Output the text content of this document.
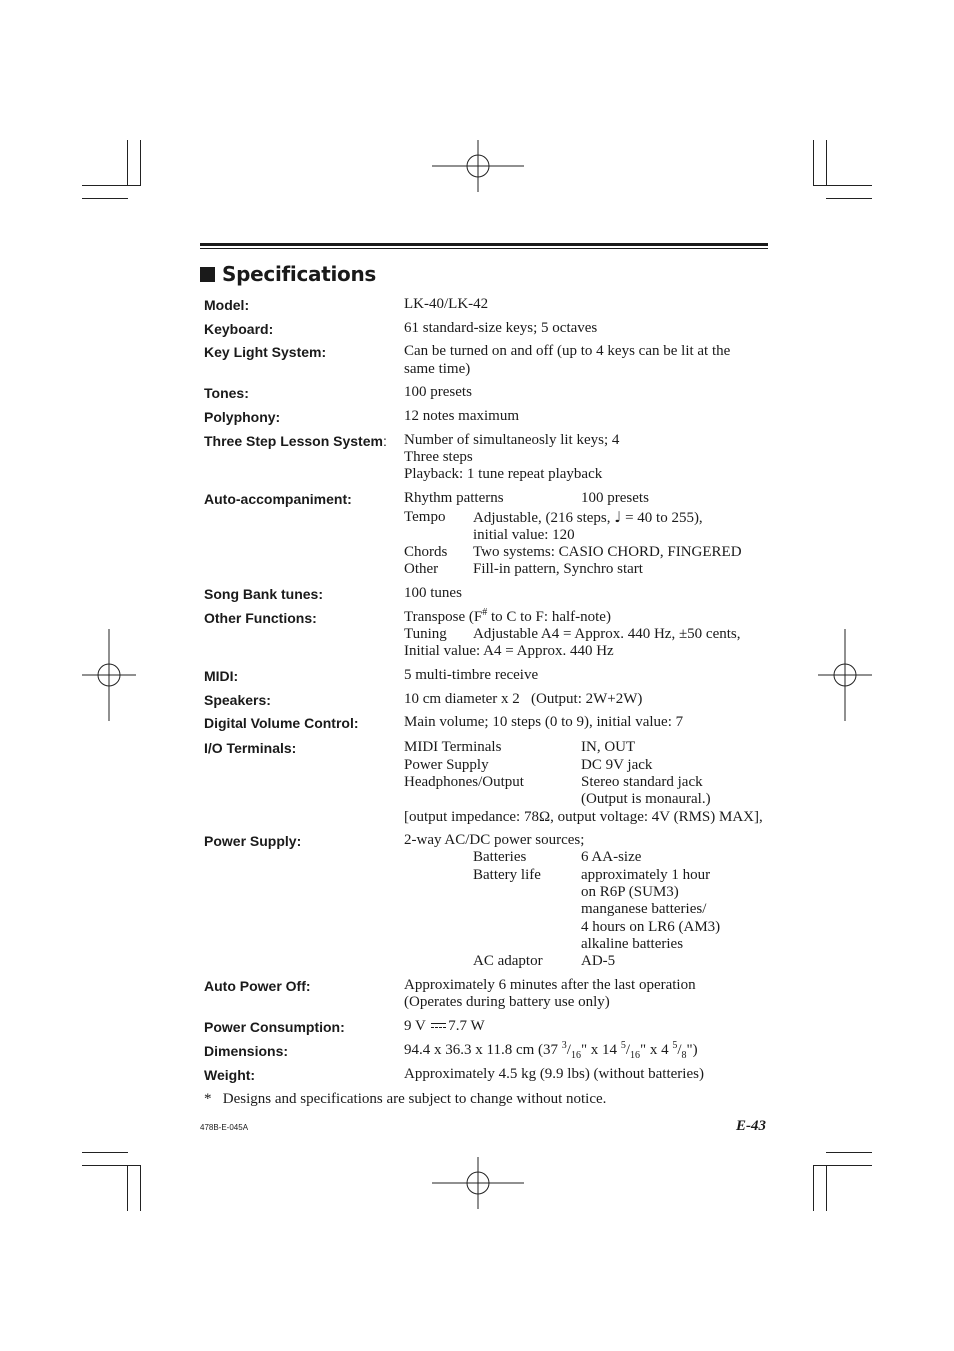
Specifications
Model:	LK-40/LK-42
Keyboard:	61 standard-size keys; 5 octaves
Key Light System:	Can be turned on and off (up to 4 keys can be lit at the
same time)
Tones:	100 presets
Polyphony:	12 notes maximum
Three Step Lesson System: Number of simultaneosly lit keys; 4
Three steps
Playback: 1 tune repeat playback
Auto-accompaniment:	Rhythm patterns	100 presets
Tempo Adjustable, (216 steps, ♩ = 40 to 255),
initial value: 120
Chords Two systems: CASIO CHORD, FINGERED
Other Fill-in pattern, Synchro start
Song Bank tunes:	100 tunes
Other Functions:	Transpose (F# to C to F: half-note)
Tuning Adjustable A4 = Approx. 440 Hz, ±50 cents,
Initial value: A4 = Approx. 440 Hz
MIDI:	5 multi-timbre receive
Speakers:	10 cm diameter x 2   (Output: 2W+2W)
Digital Volume Control:	Main volume; 10 steps (0 to 9), initial value: 7
I/O Terminals:	MIDI Terminals	IN, OUT
Power Supply	DC 9V jack
Headphones/Output	Stereo standard jack
(Output is monaural.)
[output impedance: 78Ω, output voltage: 4V (RMS) MAX],
Power Supply:	2-way AC/DC power sources;
Batteries	6 AA-size
Battery life	approximately 1 hour
on R6P (SUM3)
manganese batteries/
4 hours on LR6 (AM3)
alkaline batteries
AC adaptor	AD-5
Auto Power Off:	Approximately 6 minutes after the last operation
(Operates during battery use only)
Power Consumption:	9 V 7.7 W
Dimensions:	94.4 x 36.3 x 11.8 cm (37 $^3/_{16}$" x 14 $^5/_{16}$" x 4 $^5/_8$")
Weight:	Approximately 4.5 kg (9.9 lbs) (without batteries)
*   Designs and specifications are subject to change without notice.
478B-E-045A	E-43
